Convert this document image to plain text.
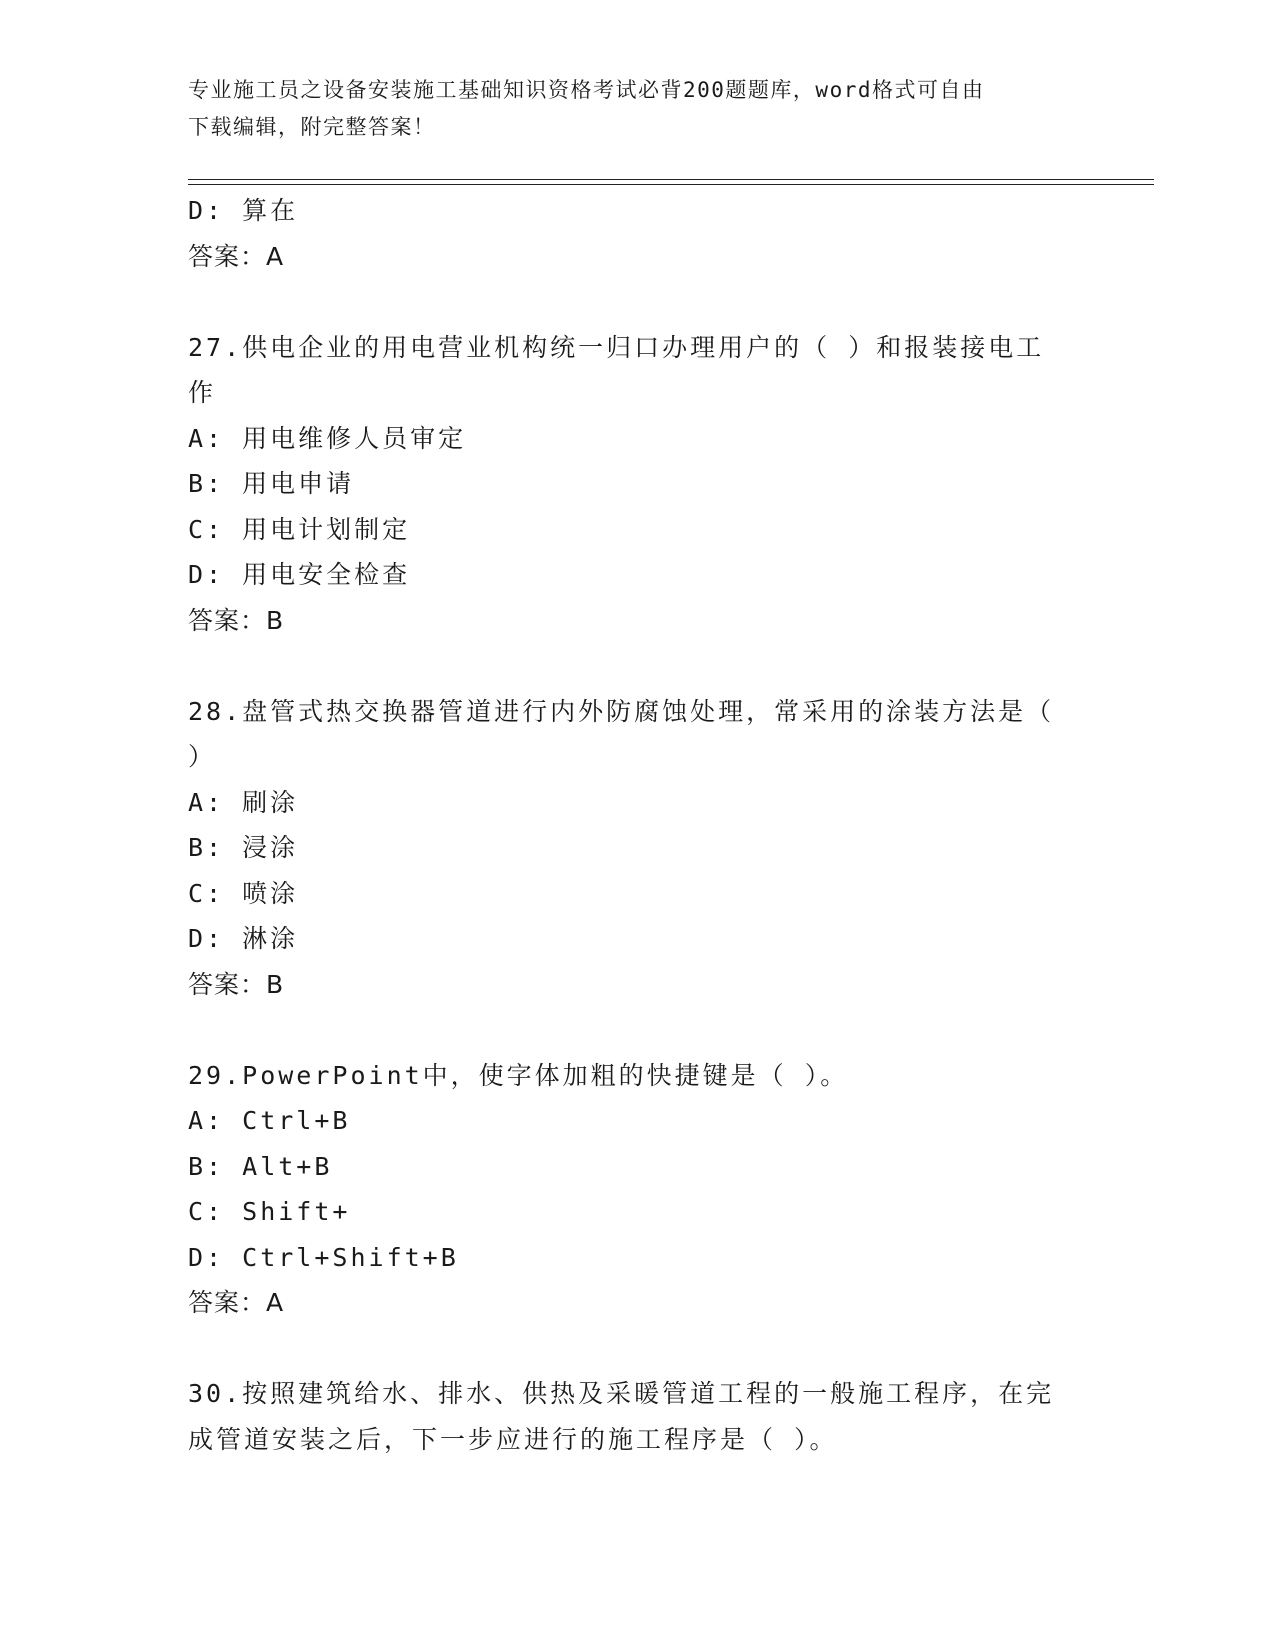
专业施工员之设备安装施工基础知识资格考试必背200题题库，word格式可自由
下载编辑，附完整答案！
D: 算在
答案：A
27.供电企业的用电营业机构统一归口办理用户的（ ）和报装接电工
作
A: 用电维修人员审定
B: 用电申请
C: 用电计划制定
D: 用电安全检查
答案：B
28.盘管式热交换器管道进行内外防腐蚀处理，常采用的涂装方法是（
）
A: 刷涂
B: 浸涂
C: 喷涂
D: 淋涂
答案：B
29.PowerPoint中，使字体加粗的快捷键是（ ）。
A: Ctrl+B
B: Alt+B
C: Shift+
D: Ctrl+Shift+B
答案：A
30.按照建筑给水、排水、供热及采暖管道工程的一般施工程序，在完
成管道安装之后，下一步应进行的施工程序是（ ）。
